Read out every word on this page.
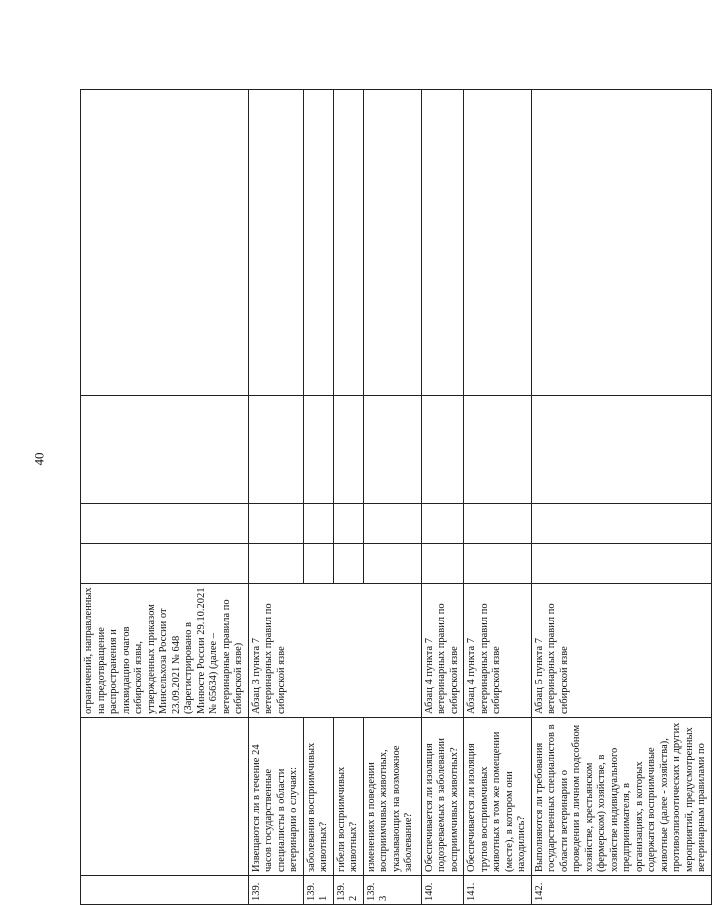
40
		ограничений, направленных на предотвращение распространения и ликвидацию очагов сибирской язвы, утвержденных приказом Минсельхоза России от 23.09.2021 № 648 (Зарегистрировано в Минюсте России 29.10.2021 № 65634) (далее – ветеринарные правила по сибирской язве)				
139.	Извещаются ли в течение 24 часов государственные специалисты в области ветеринарии о случаях:	Абзац 3 пункта 7 ветеринарных правил по сибирской язве				
139.1	заболевания восприимчивых животных?					
139.2	гибели восприимчивых животных?					
139.3	изменениях в поведении восприимчивых животных, указывающих на возможное заболевание?					
140.	Обеспечивается ли изоляция подозреваемых в заболевании восприимчивых животных?	Абзац 4 пункта 7 ветеринарных правил по сибирской язве				
141.	Обеспечивается ли изоляция трупов восприимчивых животных в том же помещении (месте), в котором они находились?	Абзац 4 пункта 7 ветеринарных правил по сибирской язве				
142.	Выполняются ли требования государственных специалистов в области ветеринарии о проведении в личном подсобном хозяйстве, крестьянском (фермерском) хозяйстве, в хозяйстве индивидуального предпринимателя, в организациях, в которых содержатся восприимчивые животные (далее - хозяйства), противоэпизоотических и других мероприятий, предусмотренных ветеринарным правилами по	Абзац 5 пункта 7 ветеринарных правил по сибирской язве				
